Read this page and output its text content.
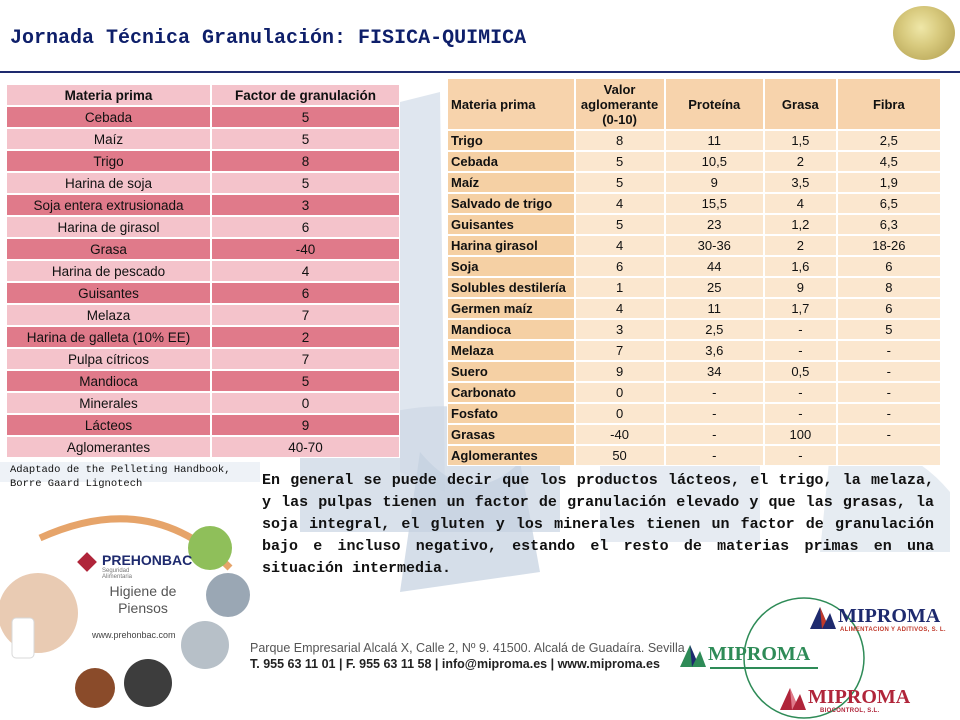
Jornada Técnica Granulación: FISICA-QUIMICA
Materia prima	Factor de granulación
Cebada	5
Maíz	5
Trigo	8
Harina de soja	5
Soja entera extrusionada	3
Harina de girasol	6
Grasa	-40
Harina de pescado	4
Guisantes	6
Melaza	7
Harina de galleta (10% EE)	2
Pulpa cítricos	7
Mandioca	5
Minerales	0
Lácteos	9
Aglomerantes	40-70
Materia prima	Valor aglomerante (0-10)	Proteína	Grasa	Fibra
Trigo	8	11	1,5	2,5
Cebada	5	10,5	2	4,5
Maíz	5	9	3,5	1,9
Salvado de trigo	4	15,5	4	6,5
Guisantes	5	23	1,2	6,3
Harina girasol	4	30-36	2	18-26
Soja	6	44	1,6	6
Solubles destilería	1	25	9	8
Germen maíz	4	11	1,7	6
Mandioca	3	2,5	-	5
Melaza	7	3,6	-	-
Suero	9	34	0,5	-
Carbonato	0	-	-	-
Fosfato	0	-	-	-
Grasas	-40	-	100	-
Aglomerantes	50	-	-	
Adaptado de the Pelleting Handbook, Borre Gaard Lignotech	En general se puede decir que los productos lácteos, el trigo, la melaza, y las pulpas tienen un factor de granulación elevado y que las grasas, la soja integral, el gluten y los minerales tienen un factor de granulación bajo e incluso negativo, estando el resto de materias primas en una situación intermedia.
PREHONBAC
Seguridad Alimentaria
Higiene de Piensos
www.prehonbac.com
Parque Empresarial Alcalá X, Calle 2, Nº 9. 41500. Alcalá de Guadaíra. Sevilla
T. 955 63 11 01 | F. 955 63 11 58 | info@miproma.es | www.miproma.es
MIPROMA
ALIMENTACION Y ADITIVOS, S. L.
MIPROMA
MIPROMA
BIOCONTROL, S.L.
